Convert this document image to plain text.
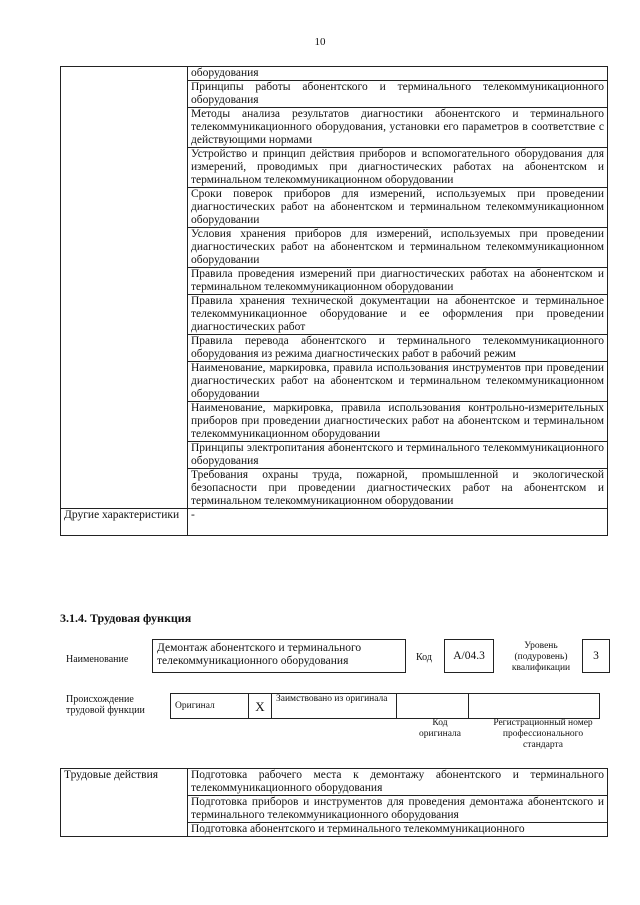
10
	оборудования
	Принципы работы абонентского и терминального телекоммуникационного оборудования
	Методы анализа результатов диагностики абонентского и терминального телекоммуникационного оборудования, установки его параметров в соответствие с действующими нормами
	Устройство и принцип действия приборов и вспомогательного оборудования для измерений, проводимых при диагностических работах на абонентском и терминальном телекоммуникационном оборудовании
	Сроки поверок приборов для измерений, используемых при проведении диагностических работ на абонентском и терминальном телекоммуникационном оборудовании
	Условия хранения приборов для измерений, используемых при проведении диагностических работ на абонентском и терминальном телекоммуникационном оборудовании
	Правила проведения измерений при диагностических работах на абонентском и терминальном телекоммуникационном оборудовании
	Правила хранения технической документации на абонентское и терминальное телекоммуникационное оборудование и ее оформления при проведении диагностических работ
	Правила перевода абонентского и терминального телекоммуникационного оборудования из режима диагностических работ в рабочий режим
	Наименование, маркировка, правила использования инструментов при проведении диагностических работ на абонентском и терминальном телекоммуникационном оборудовании
	Наименование, маркировка, правила использования контрольно-измерительных приборов при проведении диагностических работ на абонентском и терминальном телекоммуникационном оборудовании
	Принципы электропитания абонентского и терминального телекоммуникационного оборудования
	Требования охраны труда, пожарной, промышленной и экологической безопасности при проведении диагностических работ на абонентском и терминальном телекоммуникационном оборудовании
Другие характеристики	-
3.1.4. Трудовая функция
Наименование
Демонтаж абонентского и терминального телекоммуникационного оборудования	Код	A/04.3
Уровень (подуровень) квалификации
3
Происхождение трудовой функции	Оригинал	X	Заимствовано из оригинала		
Код оригинала
Регистрационный номер профессионального стандарта
Трудовые действия	Подготовка рабочего места к демонтажу абонентского и терминального телекоммуникационного оборудования
Подготовка приборов и инструментов для проведения демонтажа абонентского и терминального телекоммуникационного оборудования
Подготовка абонентского и терминального телекоммуникационного
